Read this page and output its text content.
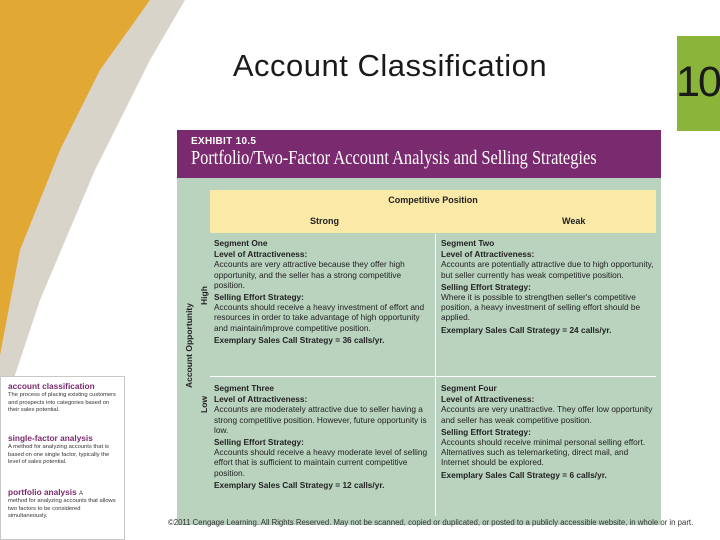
Account Classification	10
EXHIBIT 10.5
Portfolio/Two-Factor Account Analysis and Selling Strategies
Competitive Position
Strong	Weak
Account Opportunity
High
Low
Segment One
Level of Attractiveness:
Accounts are very attractive because they offer high opportunity, and the seller has a strong competitive position.
Selling Effort Strategy:
Accounts should receive a heavy investment of effort and resources in order to take advantage of high opportunity and maintain/improve competitive position.
Exemplary Sales Call Strategy = 36 calls/yr.
Segment Two
Level of Attractiveness:
Accounts are potentially attractive due to high opportunity, but seller currently has weak competitive position.
Selling Effort Strategy:
Where it is possible to strengthen seller's competitive position, a heavy investment of selling effort should be applied.
Exemplary Sales Call Strategy = 24 calls/yr.
Segment Three
Level of Attractiveness:
Accounts are moderately attractive due to seller having a strong competitive position. However, future opportunity is low.
Selling Effort Strategy:
Accounts should receive a heavy moderate level of selling effort that is sufficient to maintain current competitive position.
Exemplary Sales Call Strategy = 12 calls/yr.
Segment Four
Level of Attractiveness:
Accounts are very unattractive. They offer low opportunity and seller has weak competitive position.
Selling Effort Strategy:
Accounts should receive minimal personal selling effort. Alternatives such as telemarketing, direct mail, and Internet should be explored.
Exemplary Sales Call Strategy = 6 calls/yr.
©2011 Cengage Learning. All Rights Reserved. May not be scanned, copied or duplicated, or posted to a publicly accessible website, in whole or in part.
account classification
The process of placing existing customers and prospects into categories based on their sales potential.
single-factor analysis
A method for analyzing accounts that is based on one single factor, typically the level of sales potential.
portfolio analysis A
method for analyzing accounts that allows two factors to be considered simultaneously.
